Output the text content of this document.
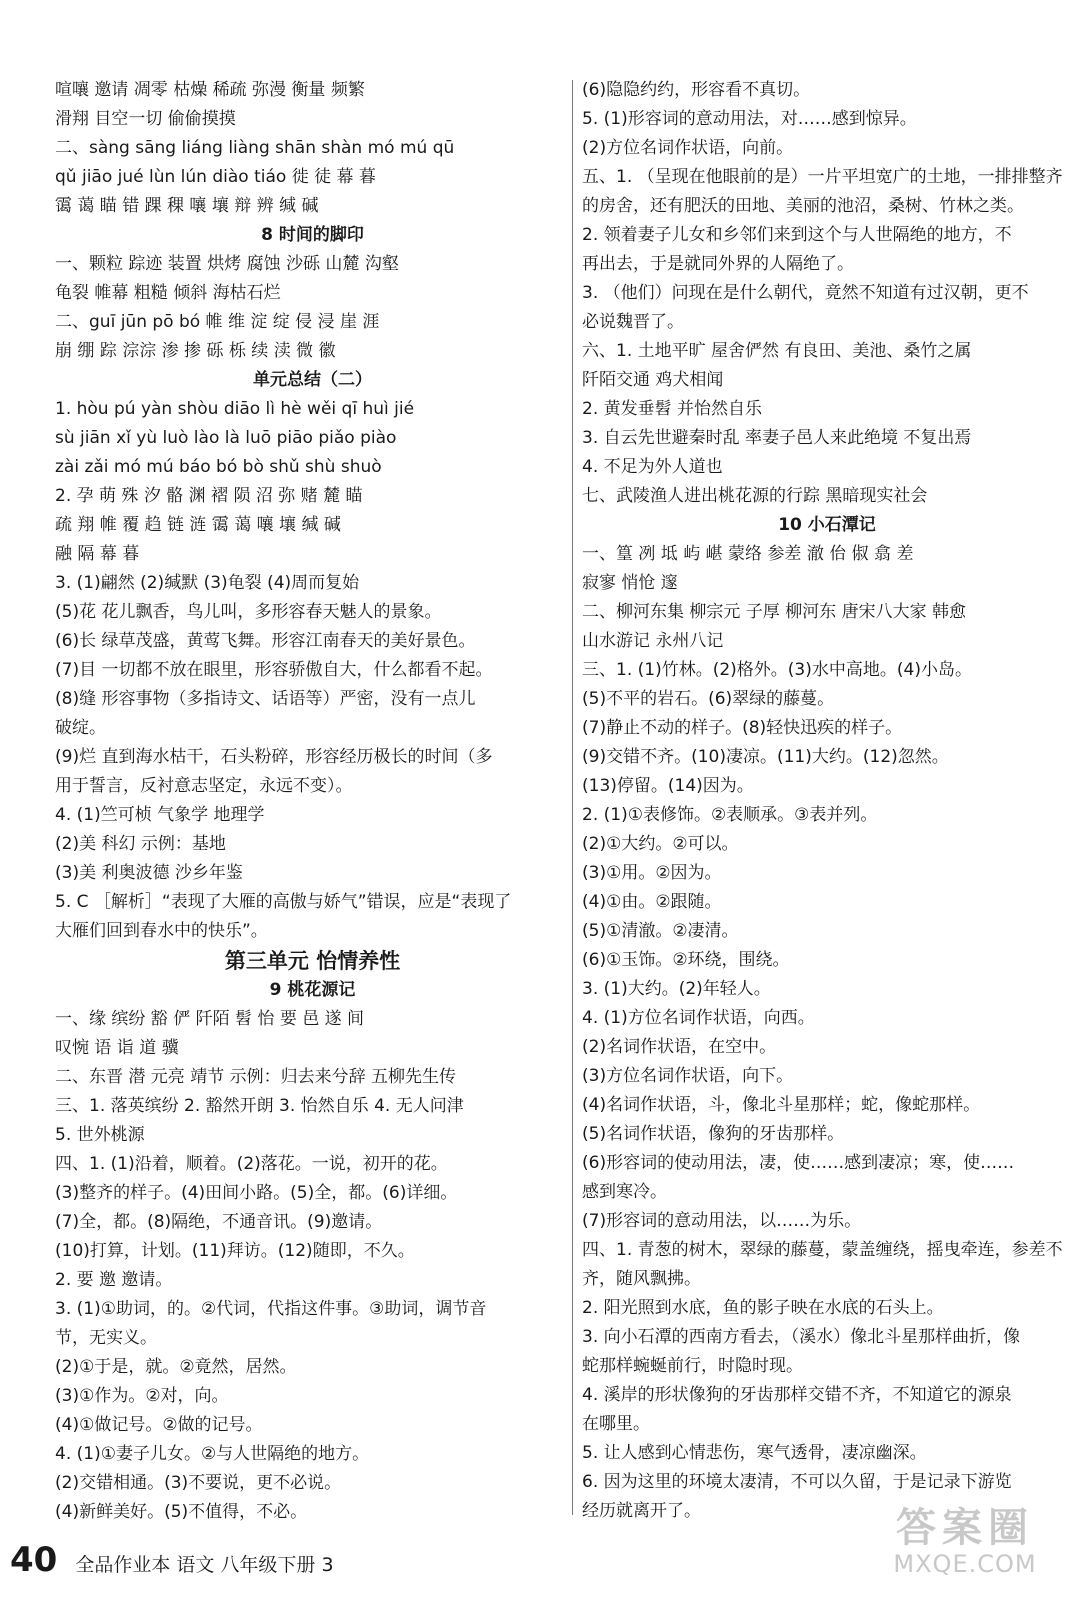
喧嚷 邀请 凋零 枯燥 稀疏 弥漫 衡量 频繁
滑翔 目空一切 偷偷摸摸
二、sàng sāng liáng liàng shān shàn mó mú qū
qǔ jiāo jué lùn lún diào tiáo 徙 徒 幕 暮
霭 蔼 瞄 错 踝 稞 嚷 壤 辩 辨 缄 碱
8 时间的脚印
一、颗粒 踪迹 装置 烘烤 腐蚀 沙砾 山麓 沟壑
龟裂 帷幕 粗糙 倾斜 海枯石烂
二、guī jūn pō bó 帷 维 淀 绽 侵 浸 崖 涯
崩 绷 踪 淙淙 渗 掺 砾 栎 续 渎 微 徽
单元总结（二）
1. hòu pú yàn shòu diāo lì hè wěi qī huì jié
sù jiān xǐ yù luò lào là luō piāo piǎo piào
zài zǎi mó mú báo bó bò shǔ shù shuò
2. 孕 萌 殊 汐 骼 渊 褶 陨 沼 弥 赌 麓 瞄
疏 翔 帷 覆 趋 链 涟 霭 蔼 嚷 壤 缄 碱
融 隔 幕 暮
3. (1)翩然 (2)缄默 (3)龟裂 (4)周而复始
(5)花 花儿飘香，鸟儿叫，多形容春天魅人的景象。
(6)长 绿草茂盛，黄莺飞舞。形容江南春天的美好景色。
(7)目 一切都不放在眼里，形容骄傲自大，什么都看不起。
(8)缝 形容事物（多指诗文、话语等）严密，没有一点儿
破绽。
(9)烂 直到海水枯干，石头粉碎，形容经历极长的时间（多
用于誓言，反衬意志坚定，永远不变）。
4. (1)竺可桢 气象学 地理学
(2)美 科幻 示例：基地
(3)美 利奥波德 沙乡年鉴
5. C ［解析］“表现了大雁的高傲与娇气”错误，应是“表现了
大雁们回到春水中的快乐”。
第三单元 怡情养性
9 桃花源记
一、缘 缤纷 豁 俨 阡陌 髫 怡 要 邑 遂 间
叹惋 语 诣 道 骥
二、东晋 潜 元亮 靖节 示例：归去来兮辞 五柳先生传
三、1. 落英缤纷 2. 豁然开朗 3. 怡然自乐 4. 无人问津
5. 世外桃源
四、1. (1)沿着，顺着。(2)落花。一说，初开的花。
(3)整齐的样子。(4)田间小路。(5)全，都。(6)详细。
(7)全，都。(8)隔绝，不通音讯。(9)邀请。
(10)打算，计划。(11)拜访。(12)随即，不久。
2. 要 邀 邀请。
3. (1)①助词，的。②代词，代指这件事。③助词，调节音
节，无实义。
(2)①于是，就。②竟然，居然。
(3)①作为。②对，向。
(4)①做记号。②做的记号。
4. (1)①妻子儿女。②与人世隔绝的地方。
(2)交错相通。(3)不要说，更不必说。
(4)新鲜美好。(5)不值得，不必。
(6)隐隐约约，形容看不真切。
5. (1)形容词的意动用法，对……感到惊异。
(2)方位名词作状语，向前。
五、1. （呈现在他眼前的是）一片平坦宽广的土地，一排排整齐
的房舍，还有肥沃的田地、美丽的池沼，桑树、竹林之类。
2. 领着妻子儿女和乡邻们来到这个与人世隔绝的地方，不
再出去，于是就同外界的人隔绝了。
3. （他们）问现在是什么朝代，竟然不知道有过汉朝，更不
必说魏晋了。
六、1. 土地平旷 屋舍俨然 有良田、美池、桑竹之属
阡陌交通 鸡犬相闻
2. 黄发垂髫 并怡然自乐
3. 自云先世避秦时乱 率妻子邑人来此绝境 不复出焉
4. 不足为外人道也
七、武陵渔人进出桃花源的行踪 黑暗现实社会
10 小石潭记
一、篁 冽 坻 屿 嵁 蒙络 参差 澈 佁 俶 翕 差
寂寥 悄怆 邃
二、柳河东集 柳宗元 子厚 柳河东 唐宋八大家 韩愈
山水游记 永州八记
三、1. (1)竹林。(2)格外。(3)水中高地。(4)小岛。
(5)不平的岩石。(6)翠绿的藤蔓。
(7)静止不动的样子。(8)轻快迅疾的样子。
(9)交错不齐。(10)凄凉。(11)大约。(12)忽然。
(13)停留。(14)因为。
2. (1)①表修饰。②表顺承。③表并列。
(2)①大约。②可以。
(3)①用。②因为。
(4)①由。②跟随。
(5)①清澈。②凄清。
(6)①玉饰。②环绕，围绕。
3. (1)大约。(2)年轻人。
4. (1)方位名词作状语，向西。
(2)名词作状语，在空中。
(3)方位名词作状语，向下。
(4)名词作状语，斗，像北斗星那样；蛇，像蛇那样。
(5)名词作状语，像狗的牙齿那样。
(6)形容词的使动用法，凄，使……感到凄凉；寒，使……
感到寒冷。
(7)形容词的意动用法，以……为乐。
四、1. 青葱的树木，翠绿的藤蔓，蒙盖缠绕，摇曳牵连，参差不
齐，随风飘拂。
2. 阳光照到水底，鱼的影子映在水底的石头上。
3. 向小石潭的西南方看去，（溪水）像北斗星那样曲折，像
蛇那样蜿蜒前行，时隐时现。
4. 溪岸的形状像狗的牙齿那样交错不齐，不知道它的源泉
在哪里。
5. 让人感到心情悲伤，寒气透骨，凄凉幽深。
6. 因为这里的环境太凄清，不可以久留，于是记录下游览
经历就离开了。
40 全品作业本 语文 八年级下册 3
答案圈
MXQE.COM
